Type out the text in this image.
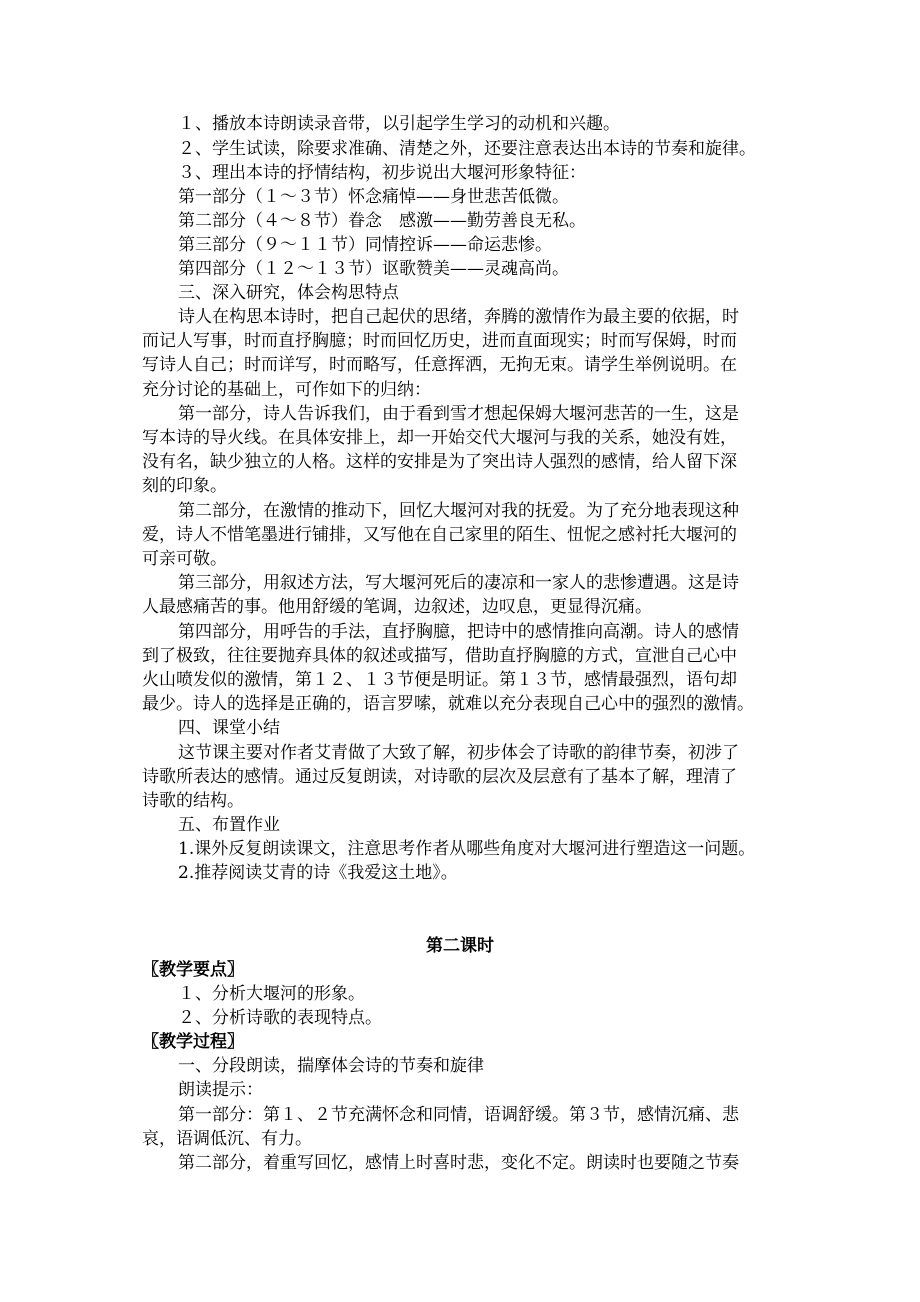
１、播放本诗朗读录音带，以引起学生学习的动机和兴趣。
２、学生试读，除要求准确、清楚之外，还要注意表达出本诗的节奏和旋律。
３、理出本诗的抒情结构，初步说出大堰河形象特征：
第一部分（１～３节）怀念痛悼——身世悲苦低微。
第二部分（４～８节）眷念　感激——勤劳善良无私。
第三部分（９～１１节）同情控诉——命运悲惨。
第四部分（１２～１３节）讴歌赞美——灵魂高尚。
三、深入研究，体会构思特点
诗人在构思本诗时，把自己起伏的思绪，奔腾的激情作为最主要的依据，时
而记人写事，时而直抒胸臆；时而回忆历史，进而直面现实；时而写保姆，时而
写诗人自己；时而详写，时而略写，任意挥洒，无拘无束。请学生举例说明。在
充分讨论的基础上，可作如下的归纳：
第一部分，诗人告诉我们，由于看到雪才想起保姆大堰河悲苦的一生，这是
写本诗的导火线。在具体安排上，却一开始交代大堰河与我的关系，她没有姓，
没有名，缺少独立的人格。这样的安排是为了突出诗人强烈的感情，给人留下深
刻的印象。
第二部分，在激情的推动下，回忆大堰河对我的抚爱。为了充分地表现这种
爱，诗人不惜笔墨进行铺排，又写他在自己家里的陌生、忸怩之感衬托大堰河的
可亲可敬。
第三部分，用叙述方法，写大堰河死后的凄凉和一家人的悲惨遭遇。这是诗
人最感痛苦的事。他用舒缓的笔调，边叙述，边叹息，更显得沉痛。
第四部分，用呼告的手法，直抒胸臆，把诗中的感情推向高潮。诗人的感情
到了极致，往往要抛弃具体的叙述或描写，借助直抒胸臆的方式，宣泄自己心中
火山喷发似的激情，第１２、１３节便是明证。第１３节，感情最强烈，语句却
最少。诗人的选择是正确的，语言罗嗦，就难以充分表现自己心中的强烈的激情。
四、课堂小结
这节课主要对作者艾青做了大致了解，初步体会了诗歌的韵律节奏，初涉了
诗歌所表达的感情。通过反复朗读，对诗歌的层次及层意有了基本了解，理清了
诗歌的结构。
五、布置作业
1.课外反复朗读课文，注意思考作者从哪些角度对大堰河进行塑造这一问题。
2.推荐阅读艾青的诗《我爱这土地》。
第二课时
〖教学要点〗
１、分析大堰河的形象。
２、分析诗歌的表现特点。
〖教学过程〗
一、分段朗读，揣摩体会诗的节奏和旋律
朗读提示：
第一部分：第１、２节充满怀念和同情，语调舒缓。第３节，感情沉痛、悲
哀，语调低沉、有力。
第二部分，着重写回忆，感情上时喜时悲，变化不定。朗读时也要随之节奏
